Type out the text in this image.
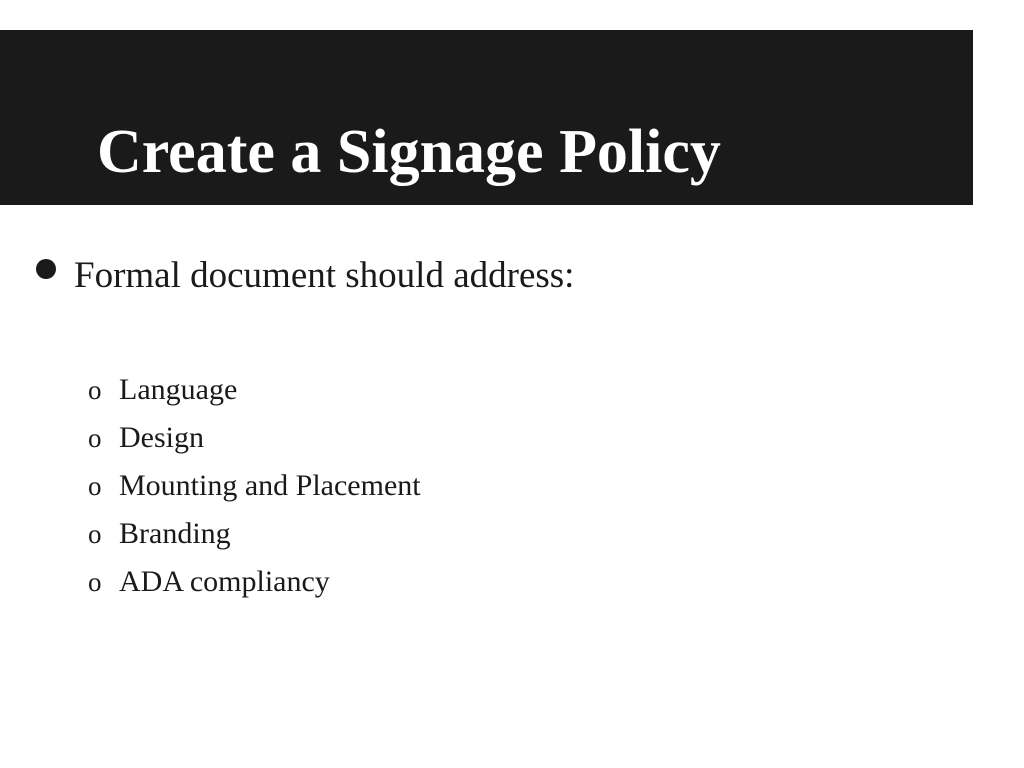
Create a Signage Policy
Formal document should address:
o Language
o Design
o Mounting and Placement
o Branding
o ADA compliancy
